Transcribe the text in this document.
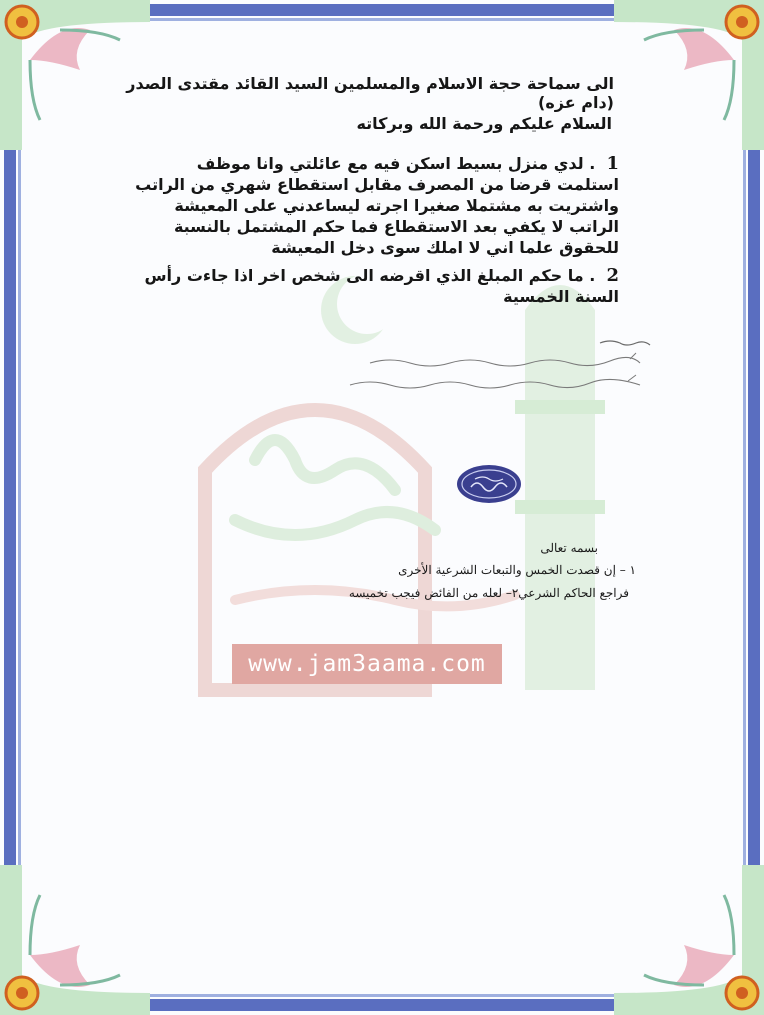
www.jam3aama.com
الى سماحة حجة الاسلام والمسلمين السيد القائد مقتدى الصدر (دام عزه)
السلام عليكم ورحمة الله وبركاته
1  . لدي منزل بسيط اسكن فيه مع عائلتي وانا موظف استلمت قرضا من المصرف مقابل استقطاع شهري من الراتب واشتريت به مشتملا صغيرا اجرته ليساعدني على المعيشة الراتب لا يكفي بعد الاستقطاع فما حكم المشتمل بالنسبة للحقوق علما اني لا املك سوى دخل المعيشة
2  . ما حكم المبلغ الذي اقرضه الى شخص اخر اذا جاءت رأس السنة الخمسية
بسمه تعالى
١ – إن قصدت الخمس والتبعات الشرعية الأخرى
فراجع الحاكم الشرعي٢– لعله من الفائض فيجب تخميسه
